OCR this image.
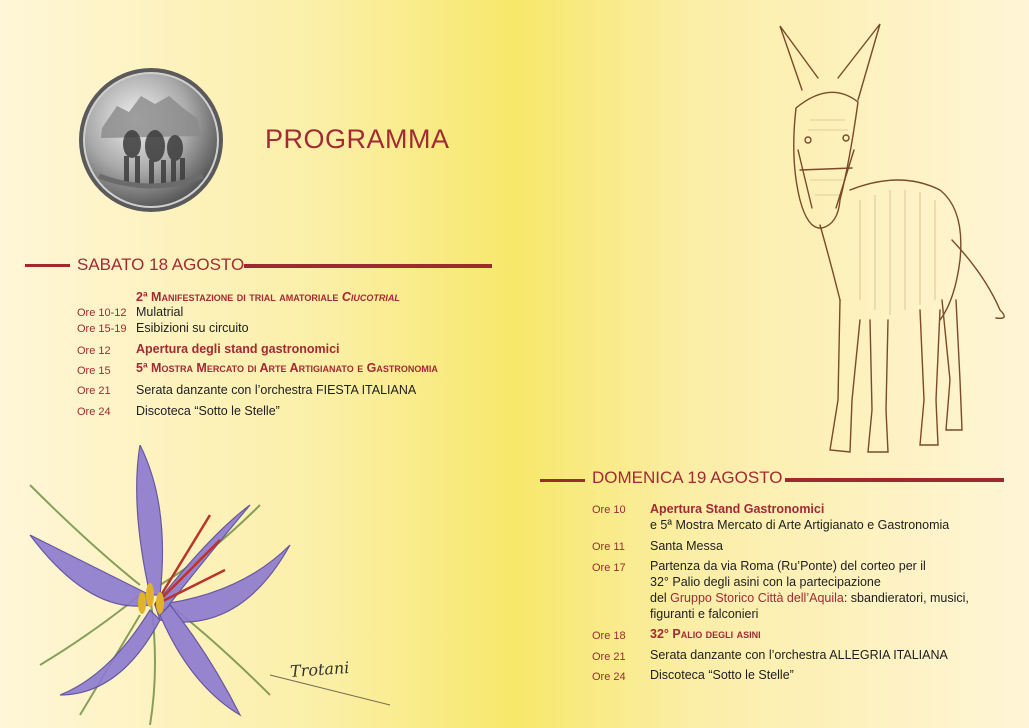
PROGRAMMA
SABATO 18 AGOSTO
2ª Manifestazione di trial amatoriale Ciucotrial
Ore 10-12 Mulatrial
Ore 15-19 Esibizioni su circuito
Ore 12 Apertura degli stand gastronomici
Ore 15 5ª Mostra Mercato di Arte Artigianato e Gastronomia
Ore 21 Serata danzante con l’orchestra FIESTA ITALIANA
Ore 24 Discoteca “Sotto le Stelle”
DOMENICA 19 AGOSTO
Ore 10 Apertura Stand Gastronomici
e 5ª Mostra Mercato di Arte Artigianato e Gastronomia
Ore 11 Santa Messa
Ore 17 Partenza da via Roma (Ru’Ponte) del corteo per il
32° Palio degli asini con la partecipazione
del Gruppo Storico Città dell’Aquila: sbandieratori, musici,
figuranti e falconieri
Ore 18 32° Palio degli asini
Ore 21 Serata danzante con l’orchestra ALLEGRIA ITALIANA
Ore 24 Discoteca “Sotto le Stelle”
Trotani
